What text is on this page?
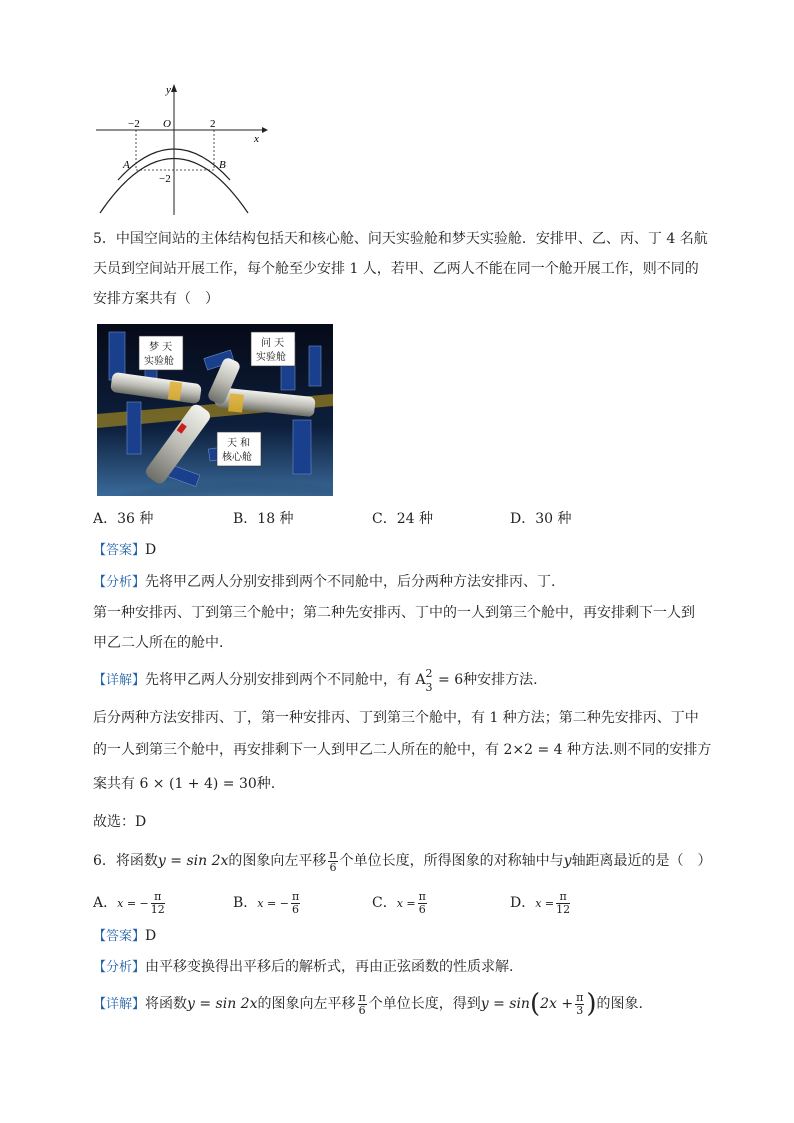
y
x
O
−2	2
−2
A	B
5．中国空间站的主体结构包括天和核心舱、问天实验舱和梦天实验舱．安排甲、乙、丙、丁 4 名航
天员到空间站开展工作，每个舱至少安排 1 人，若甲、乙两人不能在同一个舱开展工作，则不同的
安排方案共有（　）
梦 天
实验舱
问 天
实验舱
天 和
核心舱
A．36 种	B．18 种	C．24 种	D．30 种
【答案】D
【分析】先将甲乙两人分别安排到两个不同舱中，后分两种方法安排丙、丁.
第一种安排丙、丁到第三个舱中；第二种先安排丙、丁中的一人到第三个舱中，再安排剩下一人到
甲乙二人所在的舱中.
【详解】先将甲乙两人分别安排到两个不同舱中，有 A 2
3 = 6种安排方法.
后分两种方法安排丙、丁，第一种安排丙、丁到第三个舱中，有 1 种方法；第二种先安排丙、丁中
的一人到第三个舱中，再安排剩下一人到甲乙二人所在的舱中，有 2×2 = 4 种方法.则不同的安排方
案共有 6 × (1 + 4) = 30种.
故选：D
6．将函数y = sin 2x的图象向左平移 $\frac{\pi}{6}$ 个单位长度，所得图象的对称轴中与y轴距离最近的是（　）
A．x = − $\frac{\pi}{12}$	B．x = − $\frac{\pi}{6}$	C．$x = \frac{\pi}{6}$	D．$x = \frac{\pi}{12}$
【答案】D
【分析】由平移变换得出平移后的解析式，再由正弦函数的性质求解.
【详解】将函数y = sin 2x的图象向左平移 $\frac{\pi}{6}$ 个单位长度，得到$y = \sin(2x + \frac{\pi}{3}$ )的图象.
